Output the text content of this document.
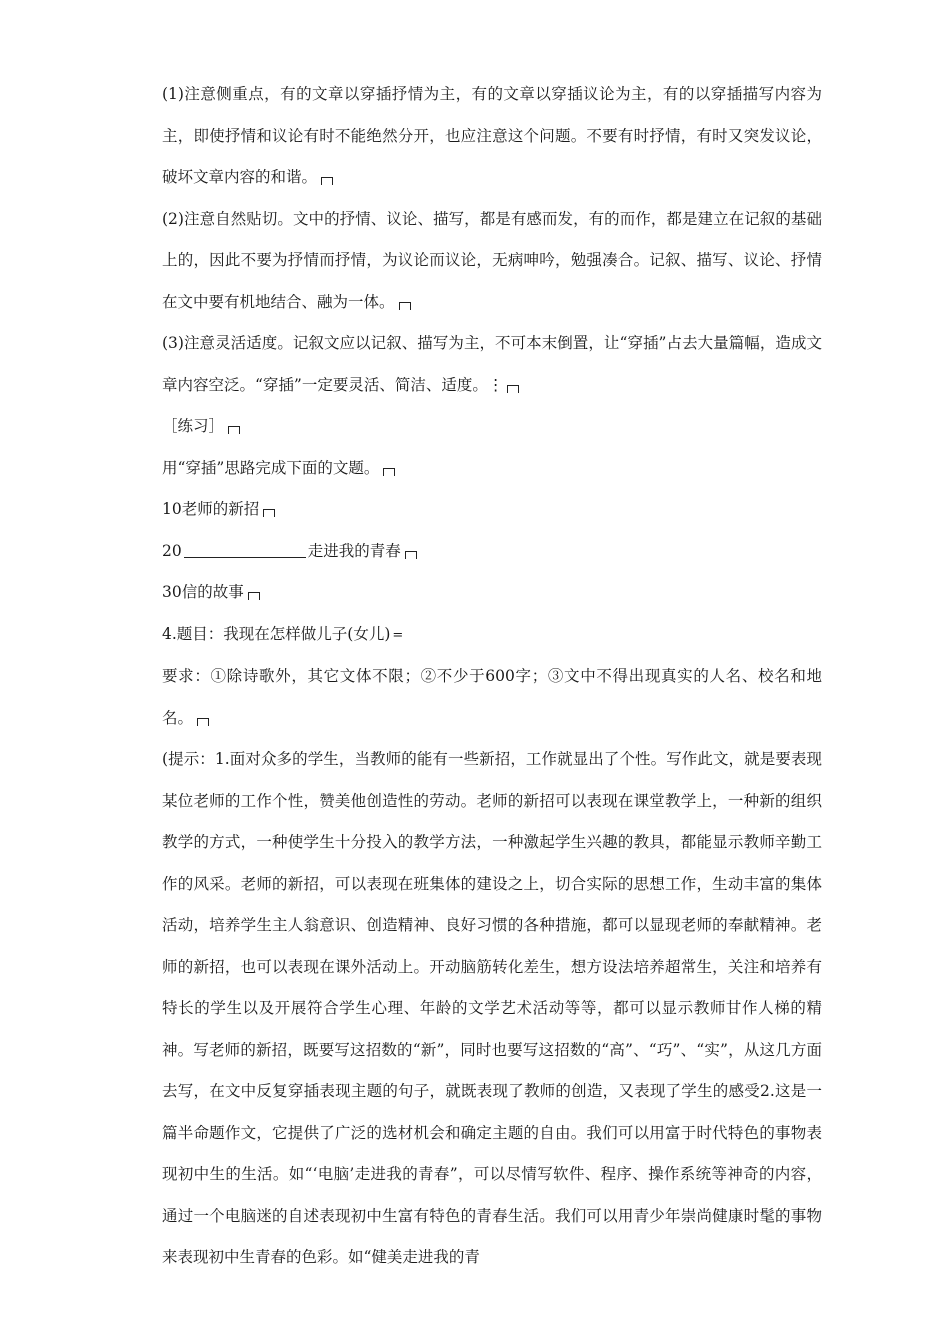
(1)注意侧重点，有的文章以穿插抒情为主，有的文章以穿插议论为主，有的以穿插描写内容为主，即使抒情和议论有时不能绝然分开，也应注意这个问题。不要有时抒情，有时又突发议论，破坏文章内容的和谐。

(2)注意自然贴切。文中的抒情、议论、描写，都是有感而发，有的而作，都是建立在记叙的基础上的，因此不要为抒情而抒情，为议论而议论，无病呻吟，勉强凑合。记叙、描写、议论、抒情在文中要有机地结合、融为一体。

(3)注意灵活适度。记叙文应以记叙、描写为主，不可本末倒置，让“穿插”占去大量篇幅，造成文章内容空泛。“穿插”一定要灵活、简洁、适度。⋮

［练习］

用“穿插”思路完成下面的文题。

10老师的新招

20	走进我的青春

30信的故事

4.题目：我现在怎样做儿子(女儿) =

要求：①除诗歌外，其它文体不限；②不少于600字；③文中不得出现真实的人名、校名和地名。

(提示：1.面对众多的学生，当教师的能有一些新招，工作就显出了个性。写作此文，就是要表现某位老师的工作个性，赞美他创造性的劳动。老师的新招可以表现在课堂教学上，一种新的组织教学的方式，一种使学生十分投入的教学方法，一种激起学生兴趣的教具，都能显示教师辛勤工作的风采。老师的新招，可以表现在班集体的建设之上，切合实际的思想工作，生动丰富的集体活动，培养学生主人翁意识、创造精神、良好习惯的各种措施，都可以显现老师的奉献精神。老师的新招，也可以表现在课外活动上。开动脑筋转化差生，想方设法培养超常生，关注和培养有特长的学生以及开展符合学生心理、年龄的文学艺术活动等等，都可以显示教师甘作人梯的精神。写老师的新招，既要写这招数的“新”，同时也要写这招数的“高”、“巧”、“实”，从这几方面去写，在文中反复穿插表现主题的句子，就既表现了教师的创造，又表现了学生的感受2.这是一篇半命题作文，它提供了广泛的选材机会和确定主题的自由。我们可以用富于时代特色的事物表现初中生的生活。如“‘电脑’走进我的青春”，可以尽情写软件、程序、操作系统等神奇的内容，通过一个电脑迷的自述表现初中生富有特色的青春生活。我们可以用青少年崇尚健康时髦的事物来表现初中生青春的色彩。如“健美走进我的青
